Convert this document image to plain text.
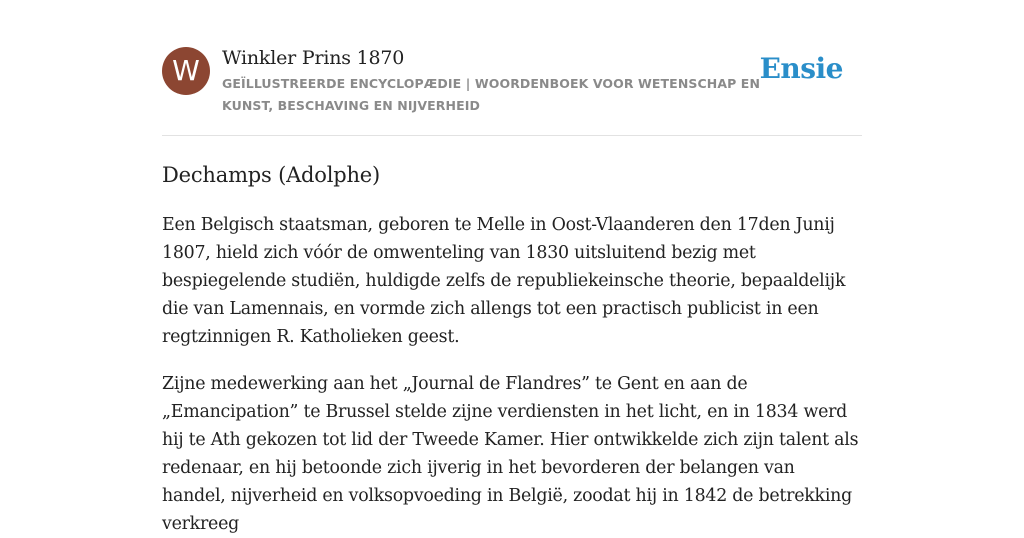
W	Winkler Prins 1870
GEÏLLUSTREERDE ENCYCLOPÆDIE | WOORDENBOEK VOOR WETENSCHAP EN KUNST, BESCHAVING EN NIJVERHEID
Ensie
Dechamps (Adolphe)

Een Belgisch staatsman, geboren te Melle in Oost-Vlaanderen den 17den Junij 1807, hield zich vóór de omwenteling van 1830 uitsluitend bezig met bespiegelende studiën, huldigde zelfs de republiekeinsche theorie, bepaaldelijk die van Lamennais, en vormde zich allengs tot een practisch publicist in een regtzinnigen R. Katholieken geest.

Zijne medewerking aan het „Journal de Flandres” te Gent en aan de „Emancipation” te Brussel stelde zijne verdiensten in het licht, en in 1834 werd hij te Ath gekozen tot lid der Tweede Kamer. Hier ontwikkelde zich zijn talent als redenaar, en hij betoonde zich ijverig in het bevorderen der belangen van handel, nijverheid en volksopvoeding in België, zoodat hij in 1842 de betrekking verkreeg
